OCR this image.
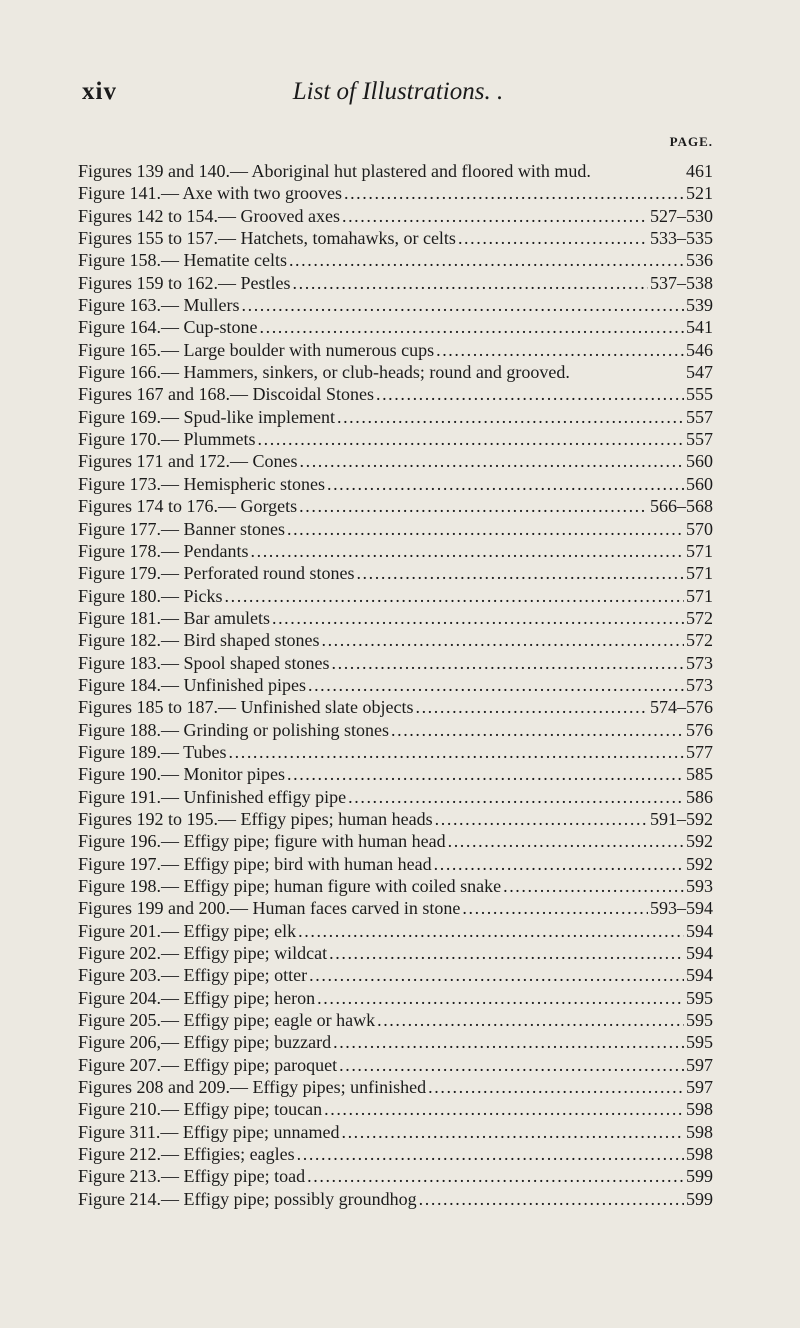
xiv	List of Illustrations. .
PAGE.
Figures 139 and 140.— Aboriginal hut plastered and floored with mud.	461
Figure 141.— Axe with two grooves .....	521
Figures 142 to 154.— Grooved axes .....	527–530
Figures 155 to 157.— Hatchets, tomahawks, or celts .....	533–535
Figure 158.— Hematite celts .....	536
Figures 159 to 162.— Pestles .....	537–538
Figure 163.— Mullers .....	539
Figure 164.— Cup-stone .....	541
Figure 165.— Large boulder with numerous cups .....	546
Figure 166.— Hammers, sinkers, or club-heads; round and grooved.	547
Figures 167 and 168.— Discoidal Stones .....	555
Figure 169.— Spud-like implement .....	557
Figure 170.— Plummets .....	557
Figures 171 and 172.— Cones .....	560
Figure 173.— Hemispheric stones .....	560
Figures 174 to 176.— Gorgets .....	566–568
Figure 177.— Banner stones .....	570
Figure 178.— Pendants .....	571
Figure 179.— Perforated round stones .....	571
Figure 180.— Picks .....	571
Figure 181.— Bar amulets .....	572
Figure 182.— Bird shaped stones .....	572
Figure 183.— Spool shaped stones .....	573
Figure 184.— Unfinished pipes .....	573
Figures 185 to 187.— Unfinished slate objects .....	574–576
Figure 188.— Grinding or polishing stones .....	576
Figure 189.— Tubes .....	577
Figure 190.— Monitor pipes .....	585
Figure 191.— Unfinished effigy pipe .....	586
Figures 192 to 195.— Effigy pipes; human heads .....	591–592
Figure 196.— Effigy pipe; figure with human head .....	592
Figure 197.— Effigy pipe; bird with human head .....	592
Figure 198.— Effigy pipe; human figure with coiled snake .....	593
Figures 199 and 200.— Human faces carved in stone .....	593–594
Figure 201.— Effigy pipe; elk .....	594
Figure 202.— Effigy pipe; wildcat .....	594
Figure 203.— Effigy pipe; otter .....	594
Figure 204.— Effigy pipe; heron .....	595
Figure 205.— Effigy pipe; eagle or hawk .....	595
Figure 206,— Effigy pipe; buzzard .....	595
Figure 207.— Effigy pipe; paroquet .....	597
Figures 208 and 209.— Effigy pipes; unfinished .....	597
Figure 210.— Effigy pipe; toucan .....	598
Figure 311.— Effigy pipe; unnamed .....	598
Figure 212.— Effigies; eagles .....	598
Figure 213.— Effigy pipe; toad .....	599
Figure 214.— Effigy pipe; possibly groundhog .....	599
